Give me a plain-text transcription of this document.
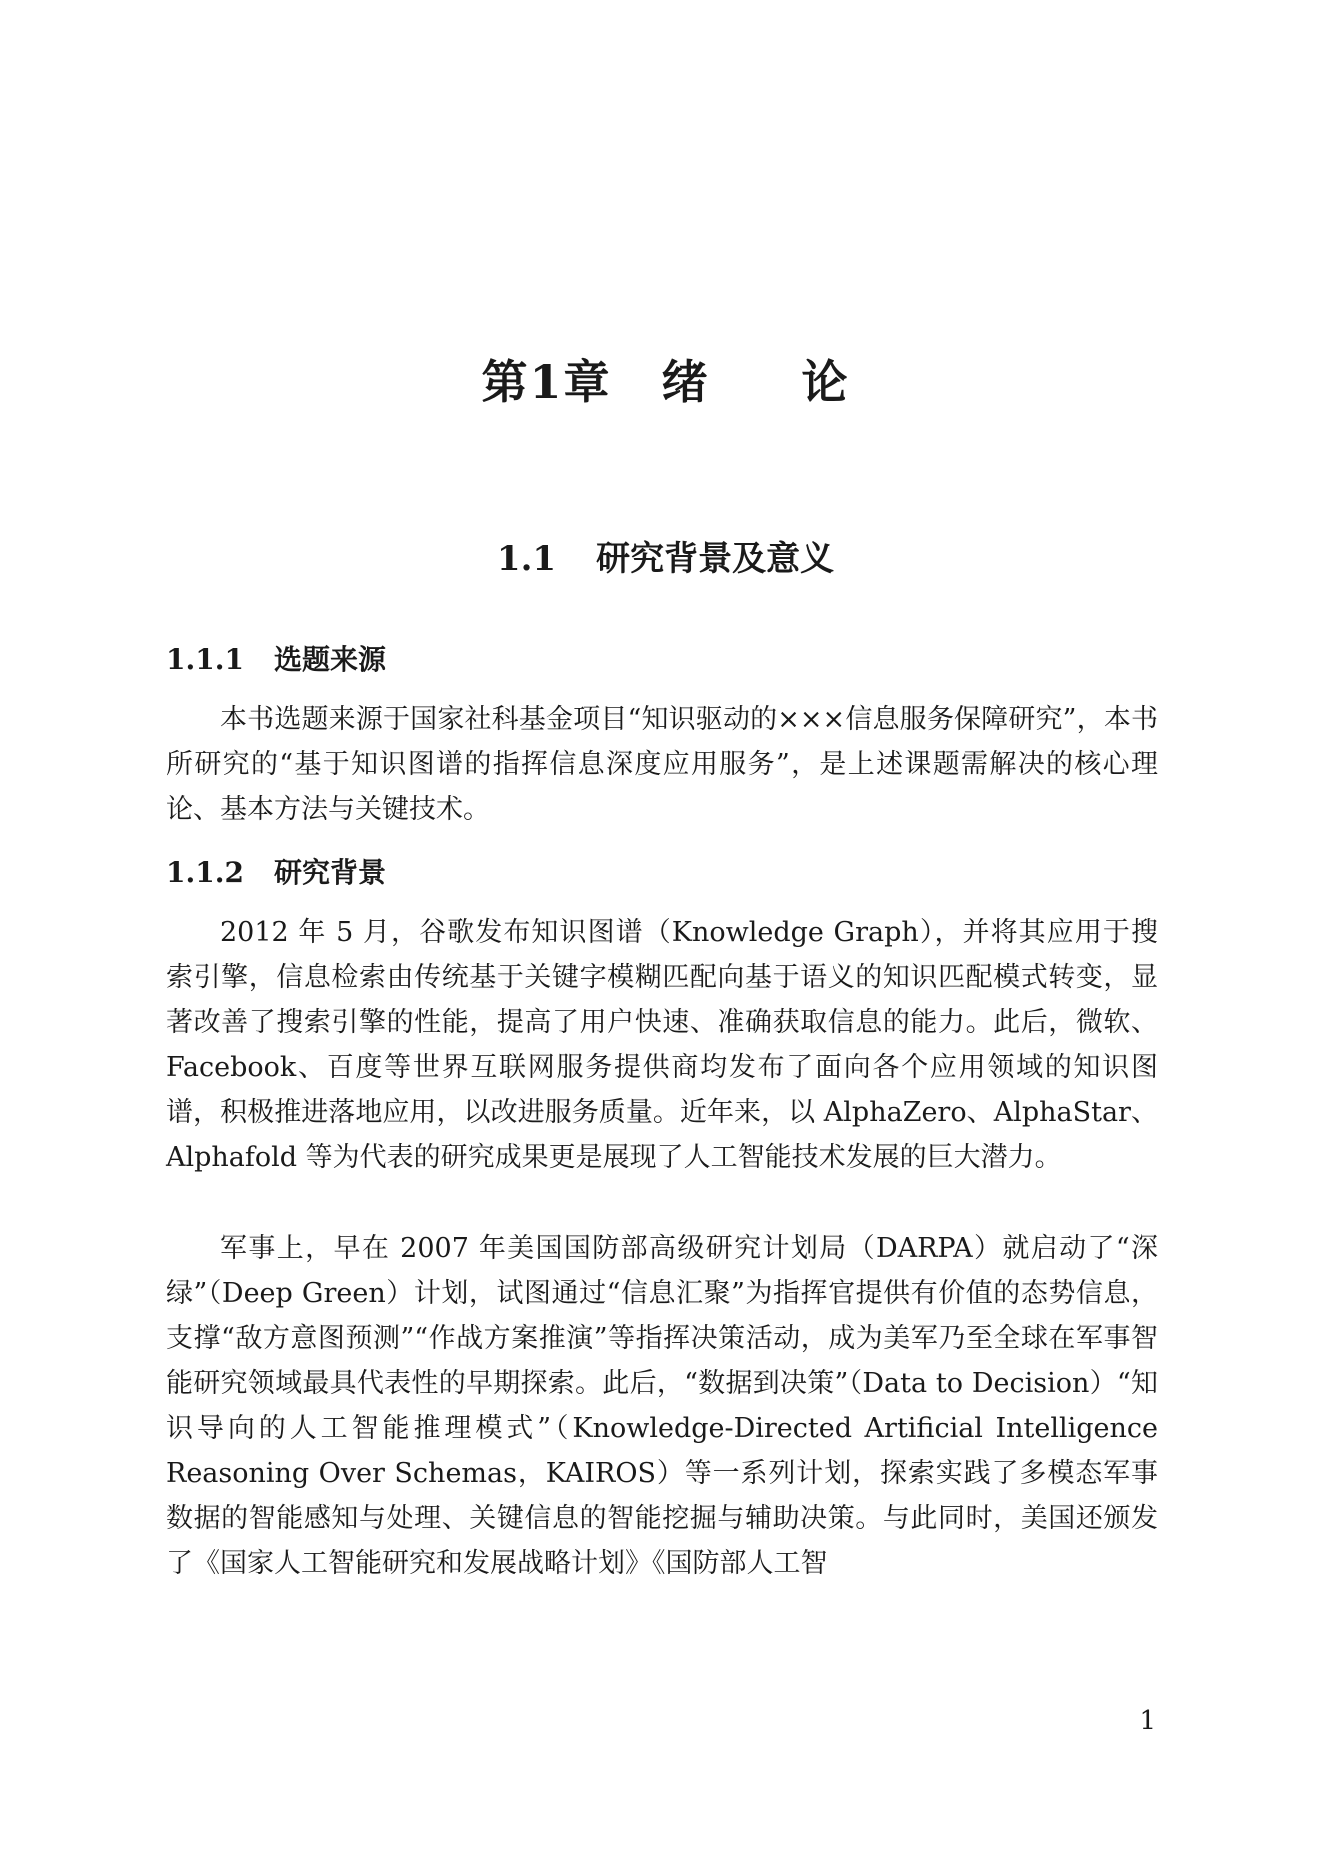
第1章 绪 论
1.1 研究背景及意义
1.1.1 选题来源

本书选题来源于国家社科基金项目“知识驱动的×××信息服务保障研究”，本书所研究的“基于知识图谱的指挥信息深度应用服务”，是上述课题需解决的核心理论、基本方法与关键技术。

1.1.2 研究背景

2012 年 5 月，谷歌发布知识图谱（Knowledge Graph），并将其应用于搜索引擎，信息检索由传统基于关键字模糊匹配向基于语义的知识匹配模式转变，显著改善了搜索引擎的性能，提高了用户快速、准确获取信息的能力。此后，微软、Facebook、百度等世界互联网服务提供商均发布了面向各个应用领域的知识图谱，积极推进落地应用，以改进服务质量。近年来，以 AlphaZero、AlphaStar、Alphafold 等为代表的研究成果更是展现了人工智能技术发展的巨大潜力。

军事上，早在 2007 年美国国防部高级研究计划局（DARPA）就启动了“深绿”（Deep Green）计划，试图通过“信息汇聚”为指挥官提供有价值的态势信息，支撑“敌方意图预测”“作战方案推演”等指挥决策活动，成为美军乃至全球在军事智能研究领域最具代表性的早期探索。此后，“数据到决策”（Data to Decision）“知识导向的人工智能推理模式”（Knowledge-Directed Artificial Intelligence Reasoning Over Schemas，KAIROS）等一系列计划，探索实践了多模态军事数据的智能感知与处理、关键信息的智能挖掘与辅助决策。与此同时，美国还颁发了《国家人工智能研究和发展战略计划》《国防部人工智

1
